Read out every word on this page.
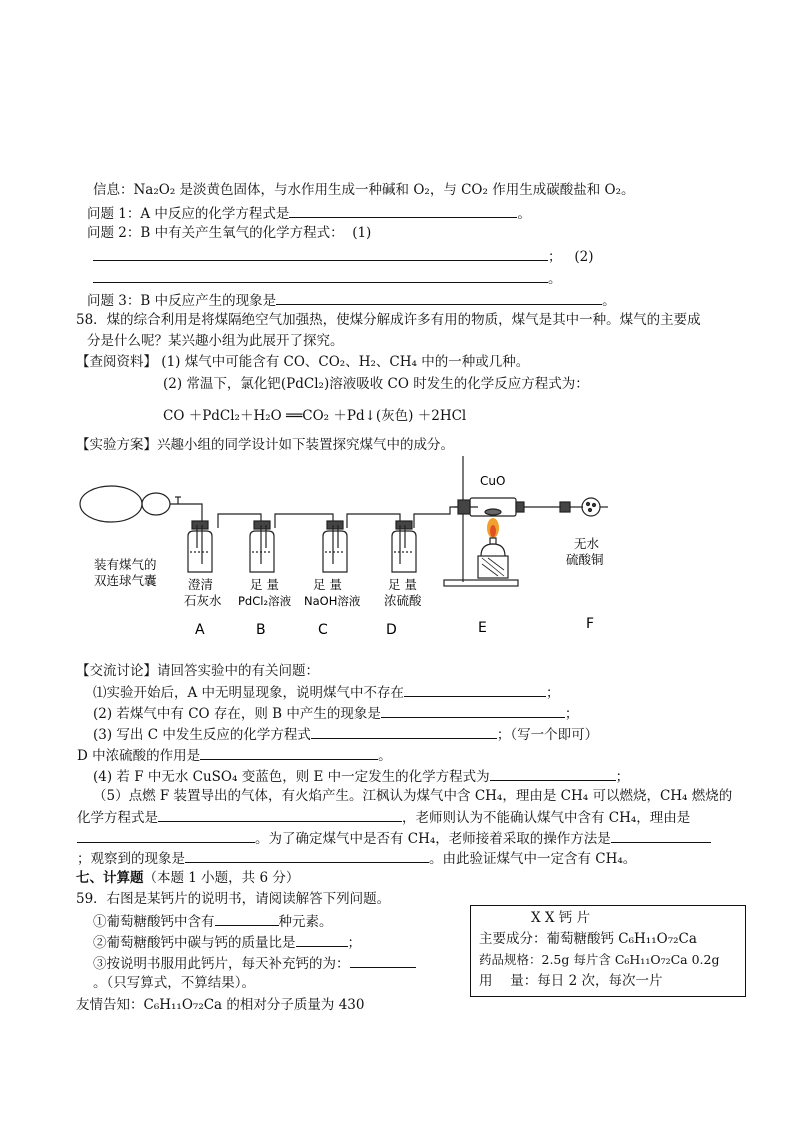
信息：Na₂O₂ 是淡黄色固体，与水作用生成一种碱和 O₂，与 CO₂ 作用生成碳酸盐和 O₂。
问题 1：A 中反应的化学方程式是	。
问题 2：B 中有关产生氧气的化学方程式： (1)
；   (2)
。
问题 3：B 中反应产生的现象是	。
58．煤的综合利用是将煤隔绝空气加强热，使煤分解成许多有用的物质，煤气是其中一种。煤气的主要成
分是什么呢？某兴趣小组为此展开了探究。
【查阅资料】 (1) 煤气中可能含有 CO、CO₂、H₂、CH₄ 中的一种或几种。
(2) 常温下，氯化钯(PdCl₂)溶液吸收 CO 时发生的化学反应方程式为：
CO ＋PdCl₂＋H₂O ══CO₂ ＋Pd↓(灰色) ＋2HCl
【实验方案】兴趣小组的同学设计如下装置探究煤气中的成分。
装有煤气的
双连球气囊	澄清
石灰水
足 量
PdCl₂溶液
足 量
NaOH溶液
足 量
浓硫酸
CuO
无水
硫酸铜
A	B	C	D	E	F
【交流讨论】请回答实验中的有关问题：
⑴实验开始后，A 中无明显现象，说明煤气中不存在	；
(2) 若煤气中有 CO 存在，则 B 中产生的现象是	；
(3) 写出 C 中发生反应的化学方程式	；（写一个即可）
D 中浓硫酸的作用是	。
(4) 若 F 中无水 CuSO₄ 变蓝色，则 E 中一定发生的化学方程式为	；
（5）点燃 F 装置导出的气体，有火焰产生。江枫认为煤气中含 CH₄，理由是 CH₄ 可以燃烧，CH₄ 燃烧的
化学方程式是	，老师则认为不能确认煤气中含有 CH₄，理由是
。为了确定煤气中是否有 CH₄，老师接着采取的操作方法是
；观察到的现象是	。由此验证煤气中一定含有 CH₄。
七、计算题（本题 1 小题，共 6 分）
59．右图是某钙片的说明书，请阅读解答下列问题。
①葡萄糖酸钙中含有	种元素。
②葡萄糖酸钙中碳与钙的质量比是	；
③按说明书服用此钙片，每天补充钙的为：
。（只写算式，不算结果）。
友情告知：C₆H₁₁O₇₂Ca 的相对分子质量为 430
X X 钙 片
主要成分：葡萄糖酸钙 C₆H₁₁O₇₂Ca
药品规格：2.5g 每片含 C₆H₁₁O₇₂Ca 0.2g
用　 量：每日 2 次，每次一片
